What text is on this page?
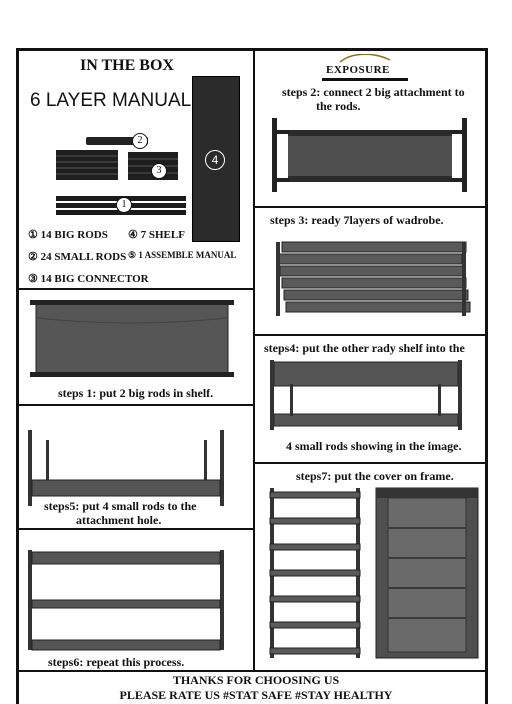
IN THE BOX
6 LAYER MANUAL
4
2
3
1
① 14 BIG RODS
② 24 SMALL RODS
③ 14 BIG CONNECTOR
④ 7 SHELF
⑤ 1 ASSEMBLE MANUAL
EXPOSURE
steps 2: connect 2 big attachment to
the rods.
steps 3: ready 7layers of wadrobe.
steps4: put the other rady shelf into the
4 small rods showing in the image.
steps7: put the cover on frame.
steps 1: put 2 big rods in shelf.
steps5: put 4 small rods to the
attachment hole.
steps6: repeat this process.
THANKS FOR CHOOSING US
PLEASE RATE US #STAT SAFE #STAY HEALTHY
